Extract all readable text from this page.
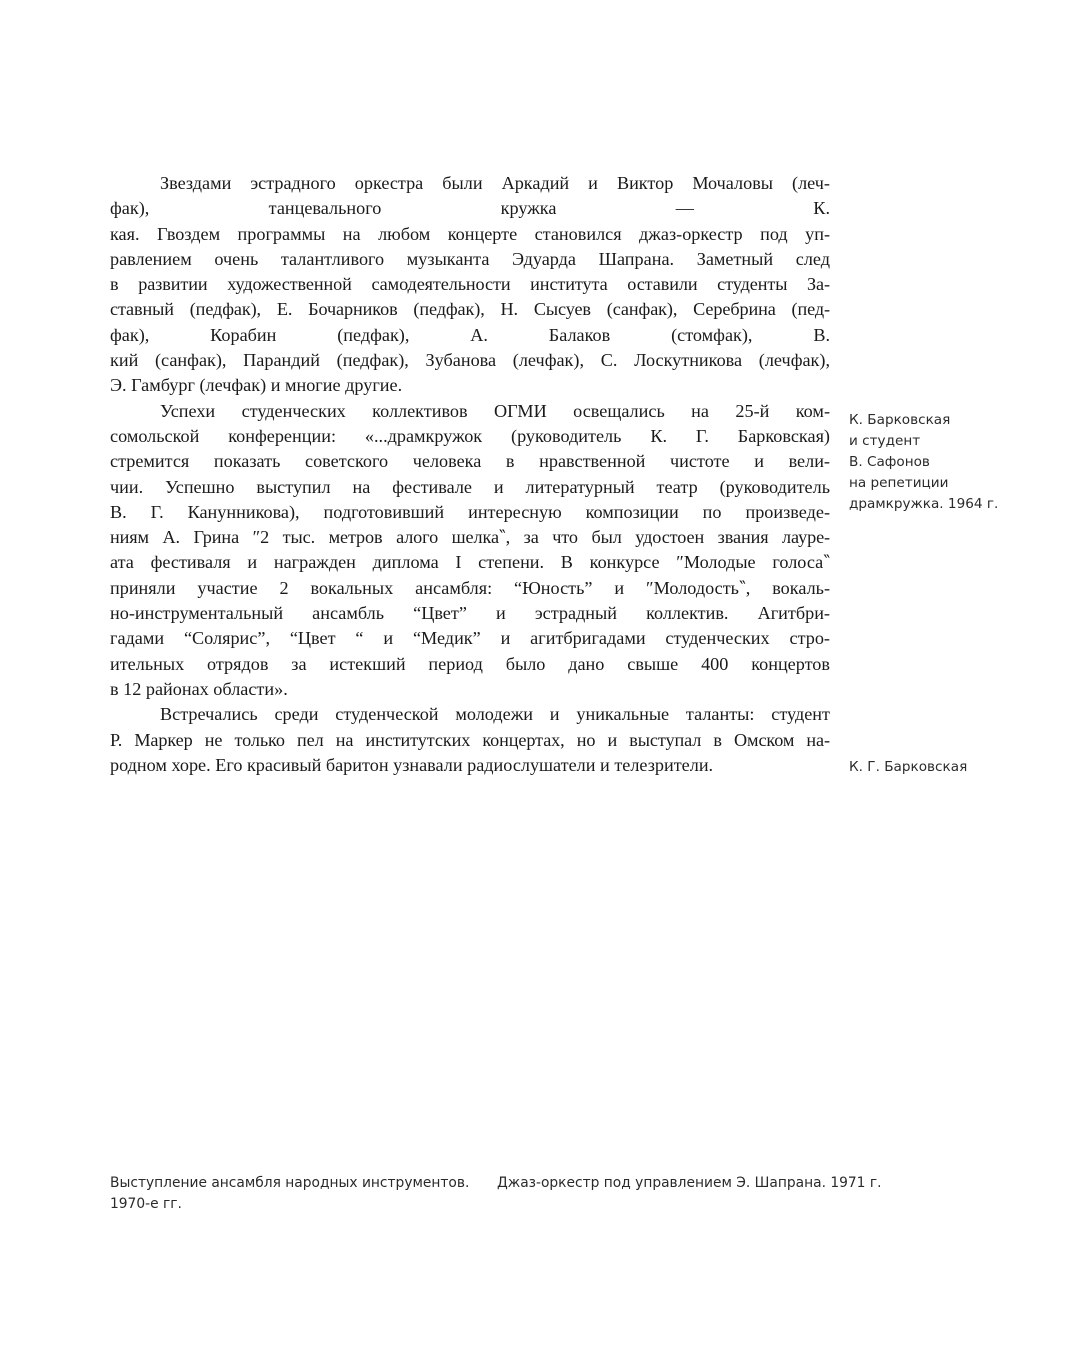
Звездами эстрадного оркестра были Аркадий и Виктор Мочаловы (леч-
фак), танцевального кружка — К.
кая. Гвоздем программы на любом концерте становился джаз-оркестр под уп-
равлением очень талантливого музыканта Эдуарда Шапрана. Заметный след
в развитии художественной самодеятельности института оставили студенты За-
ставный (педфак), Е. Бочарников (педфак), Н. Сысуев (санфак), Серебрина (пед-
фак), Корабин (педфак), А. Балаков (стомфак), В.
кий (санфак), Парандий (педфак), Зубанова (лечфак), С. Лоскутникова (лечфак),
Э. Гамбург (лечфак) и многие другие.
Успехи студенческих коллективов ОГМИ освещались на 25-й ком-
сомольской конференции: «...драмкружок (руководитель К. Г. Барковская)
стремится показать советского человека в нравственной чистоте и вели-
чии. Успешно выступил на фестивале и литературный театр (руководитель
В. Г. Канунникова), подготовивший интересную композиции по произведе-
ниям А. Грина ″2 тыс. метров алого шелка‶, за что был удостоен звания лауре-
ата фестиваля и награжден диплома I степени. В конкурсе ″Молодые голоса‶
приняли участие 2 вокальных ансамбля: “Юность” и ″Молодость‶, вокаль-
но-инструментальный ансамбль “Цвет” и эстрадный коллектив. Агитбри-
гадами “Солярис”, “Цвет “ и “Медик” и агитбригадами студенческих стро-
ительных отрядов за истекший период было дано свыше 400 концертов
в 12 районах области».
Встречались среди студенческой молодежи и уникальные таланты: студент
Р. Маркер не только пел на институтских концертах, но и выступал в Омском на-
родном хоре. Его красивый баритон узнавали радиослушатели и телезрители.
К. Барковская
и студент
В. Сафонов
на репетиции
драмкружка. 1964 г.
К. Г. Барковская
Выступление ансамбля народных инструментов.
1970-е гг.
Джаз-оркестр под управлением Э. Шапрана. 1971 г.
